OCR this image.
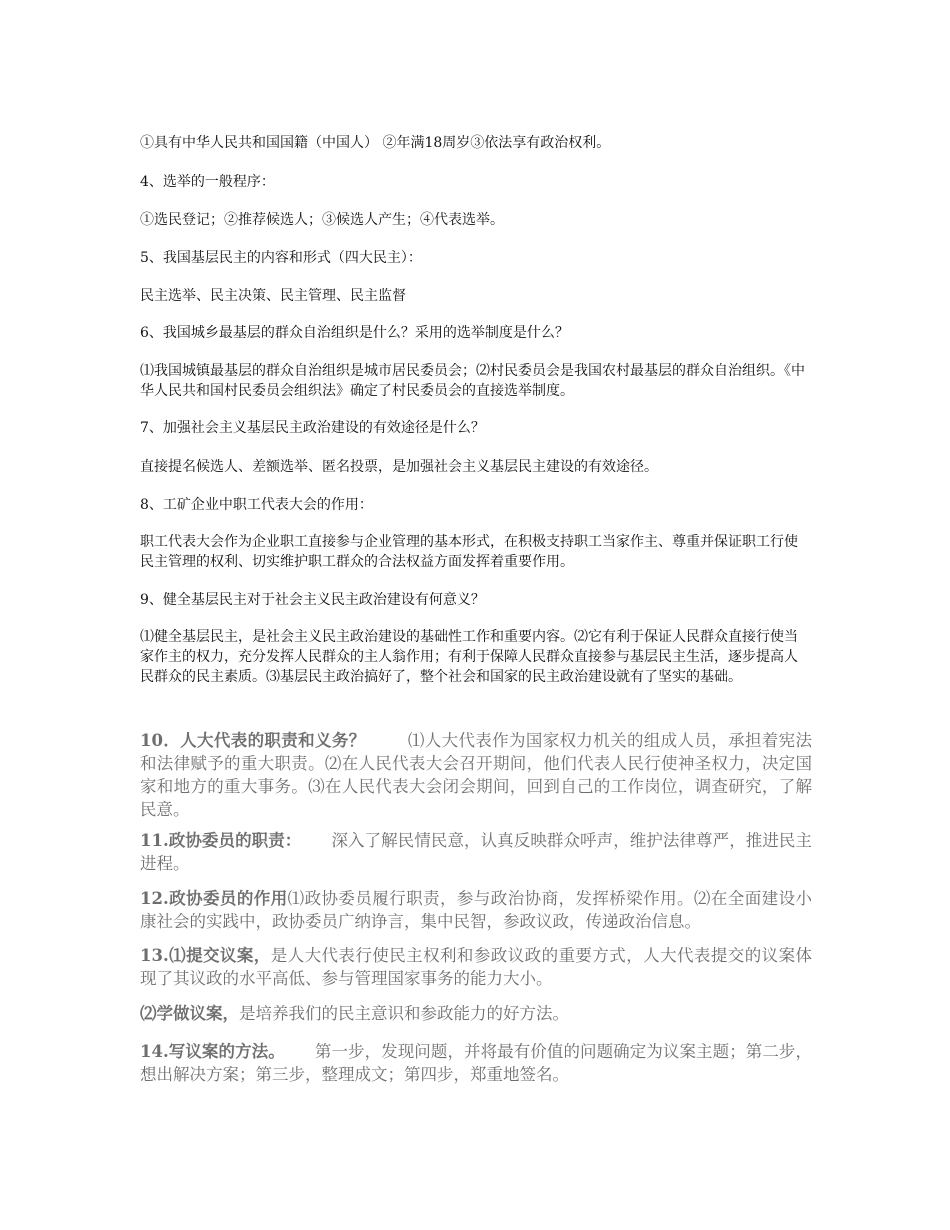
①具有中华人民共和国国籍（中国人） ②年满18周岁③依法享有政治权利。

4、选举的一般程序：

①选民登记；②推荐候选人；③候选人产生；④代表选举。

5、我国基层民主的内容和形式（四大民主）：

民主选举、民主决策、民主管理、民主监督

6、我国城乡最基层的群众自治组织是什么？采用的选举制度是什么？

⑴我国城镇最基层的群众自治组织是城市居民委员会；⑵村民委员会是我国农村最基层的群众自治组织。《中华人民共和国村民委员会组织法》确定了村民委员会的直接选举制度。

7、加强社会主义基层民主政治建设的有效途径是什么？

直接提名候选人、差额选举、匿名投票，是加强社会主义基层民主建设的有效途径。

8、工矿企业中职工代表大会的作用：

职工代表大会作为企业职工直接参与企业管理的基本形式，在积极支持职工当家作主、尊重并保证职工行使民主管理的权利、切实维护职工群众的合法权益方面发挥着重要作用。

9、健全基层民主对于社会主义民主政治建设有何意义？

⑴健全基层民主，是社会主义民主政治建设的基础性工作和重要内容。⑵它有利于保证人民群众直接行使当家作主的权力，充分发挥人民群众的主人翁作用；有利于保障人民群众直接参与基层民主生活，逐步提高人民群众的民主素质。⑶基层民主政治搞好了，整个社会和国家的民主政治建设就有了坚实的基础。

10．人大代表的职责和义务？	⑴人大代表作为国家权力机关的组成人员，承担着宪法和法律赋予的重大职责。⑵在人民代表大会召开期间，他们代表人民行使神圣权力，决定国家和地方的重大事务。⑶在人民代表大会闭会期间，回到自己的工作岗位，调查研究，了解民意。

11.政协委员的职责： 深入了解民情民意，认真反映群众呼声，维护法律尊严，推进民主进程。

12.政协委员的作用⑴政协委员履行职责，参与政治协商，发挥桥梁作用。⑵在全面建设小康社会的实践中，政协委员广纳诤言，集中民智，参政议政，传递政治信息。

13.⑴提交议案，是人大代表行使民主权利和参政议政的重要方式，人大代表提交的议案体现了其议政的水平高低、参与管理国家事务的能力大小。

⑵学做议案，是培养我们的民主意识和参政能力的好方法。

14.写议案的方法。 第一步，发现问题，并将最有价值的问题确定为议案主题；第二步，想出解决方案；第三步，整理成文；第四步，郑重地签名。
